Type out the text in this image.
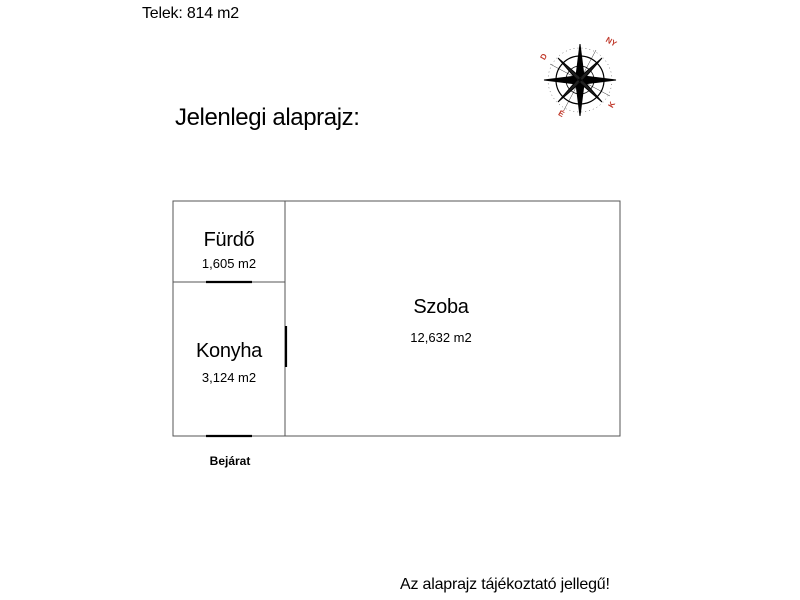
Telek: 814 m2
Jelenlegi alaprajz:
NY
K
É
D
Fürdő
1,605 m2
Konyha
3,124 m2
Szoba
12,632 m2
Bejárat
Az alaprajz tájékoztató jellegű!
